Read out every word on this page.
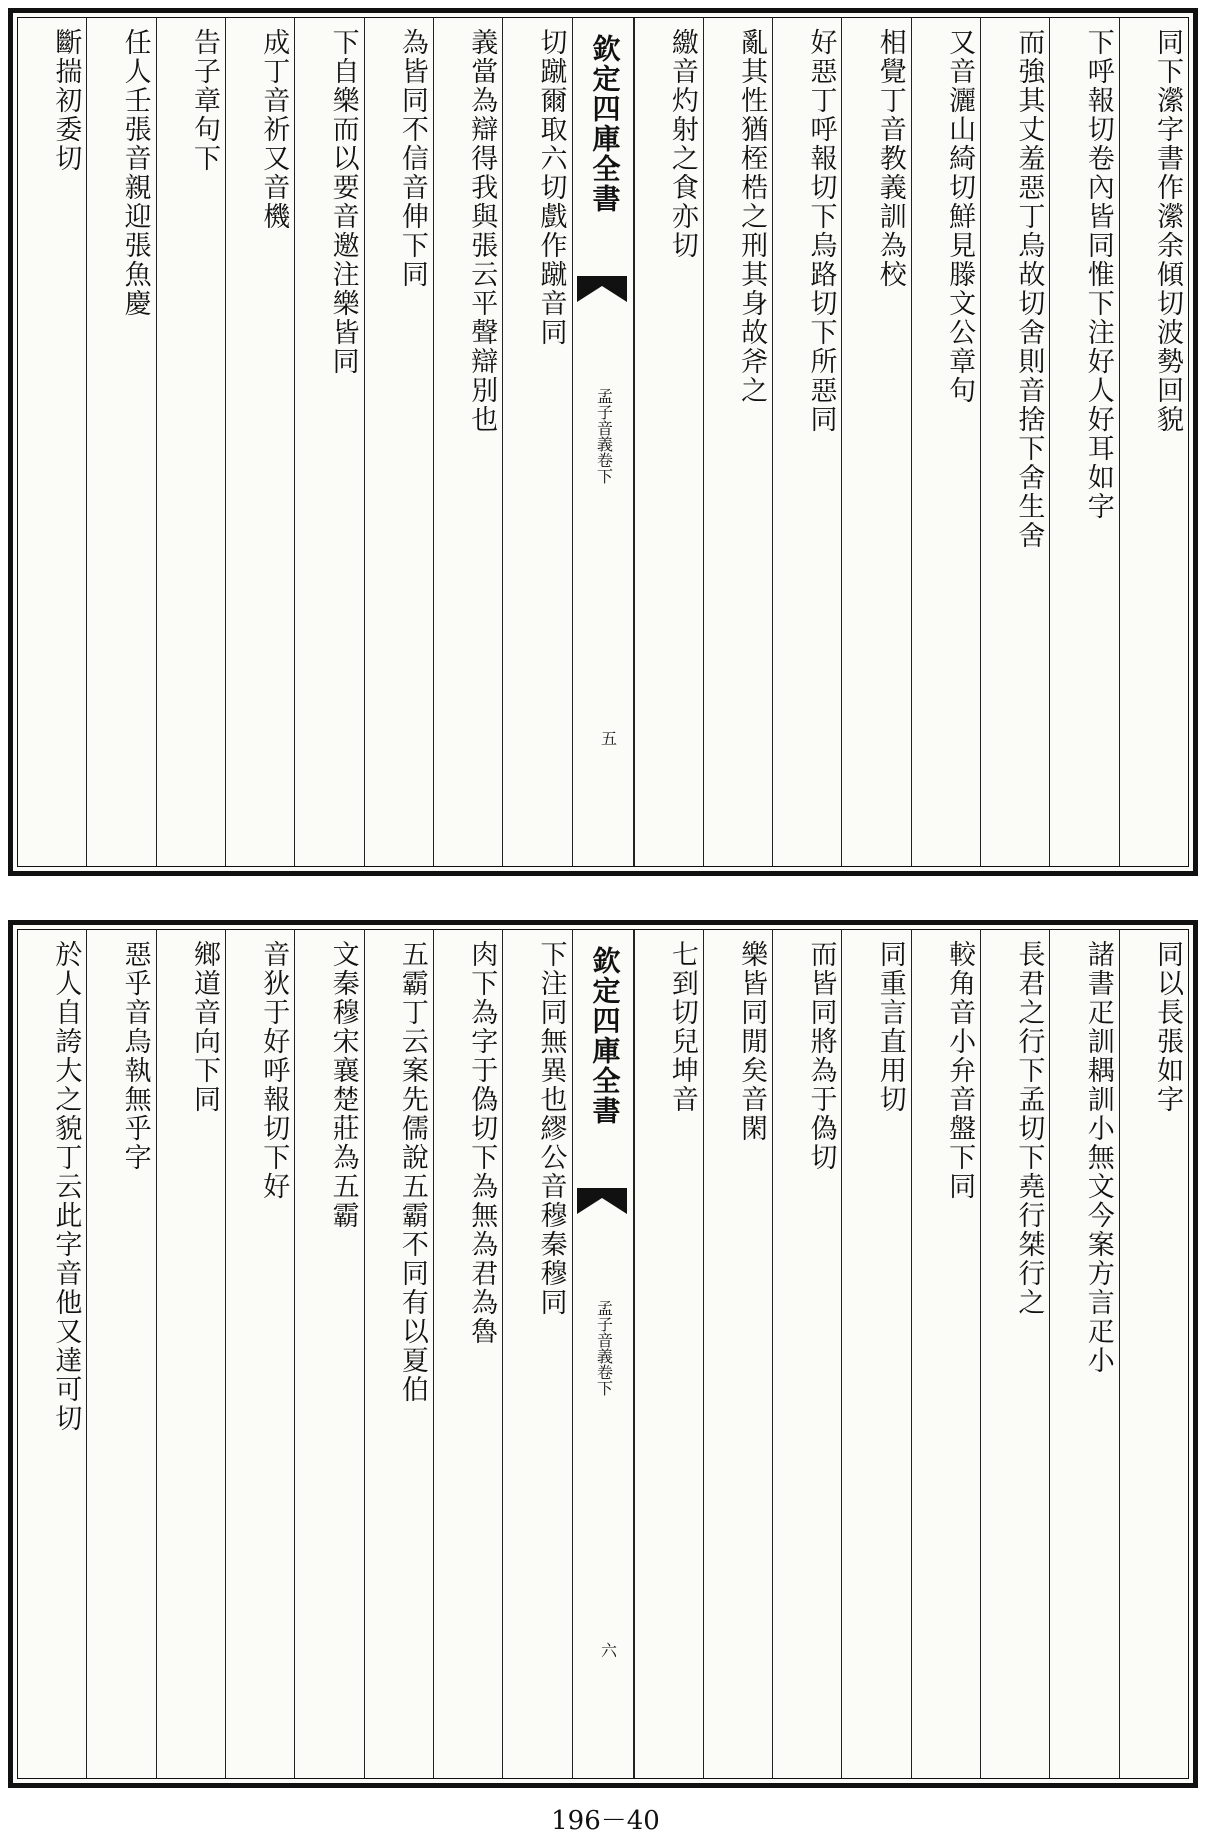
同下瀠字書作瀠余傾切波勢回貌
下呼報切卷內皆同惟下注好人好耳如字
而強其丈羞惡丁烏故切舍則音捨下舍生舍
又音灑山綺切鮮見滕文公章句
相覺丁音教義訓為校
好惡丁呼報切下烏路切下所惡同
亂其性猶桎梏之刑其身故斧之
繳音灼射之食亦切
欽定四庫全書
孟子音義卷下
五
切蹴爾取六切戲作蹴音同
義當為辯得我與張云平聲辯別也
為皆同不信音伸下同
下自樂而以要音邀注樂皆同
成丁音祈又音機
告子章句下
任人壬張音親迎張魚慶
斷揣初委切
同以長張如字
諸書疋訓耦訓小無文今案方言疋小
長君之行下孟切下堯行桀行之
較角音小弁音盤下同
同重言直用切
而皆同將為于偽切
樂皆同閒矣音閑
七到切兒坤音
欽定四庫全書
孟子音義卷下
六
下注同無異也繆公音穆秦穆同
肉下為字于偽切下為無為君為魯
五霸丁云案先儒說五霸不同有以夏伯
文秦穆宋襄楚莊為五霸
音狄于好呼報切下好
鄉道音向下同
惡乎音烏執無乎字
於人自誇大之貌丁云此字音他又達可切
196－40
